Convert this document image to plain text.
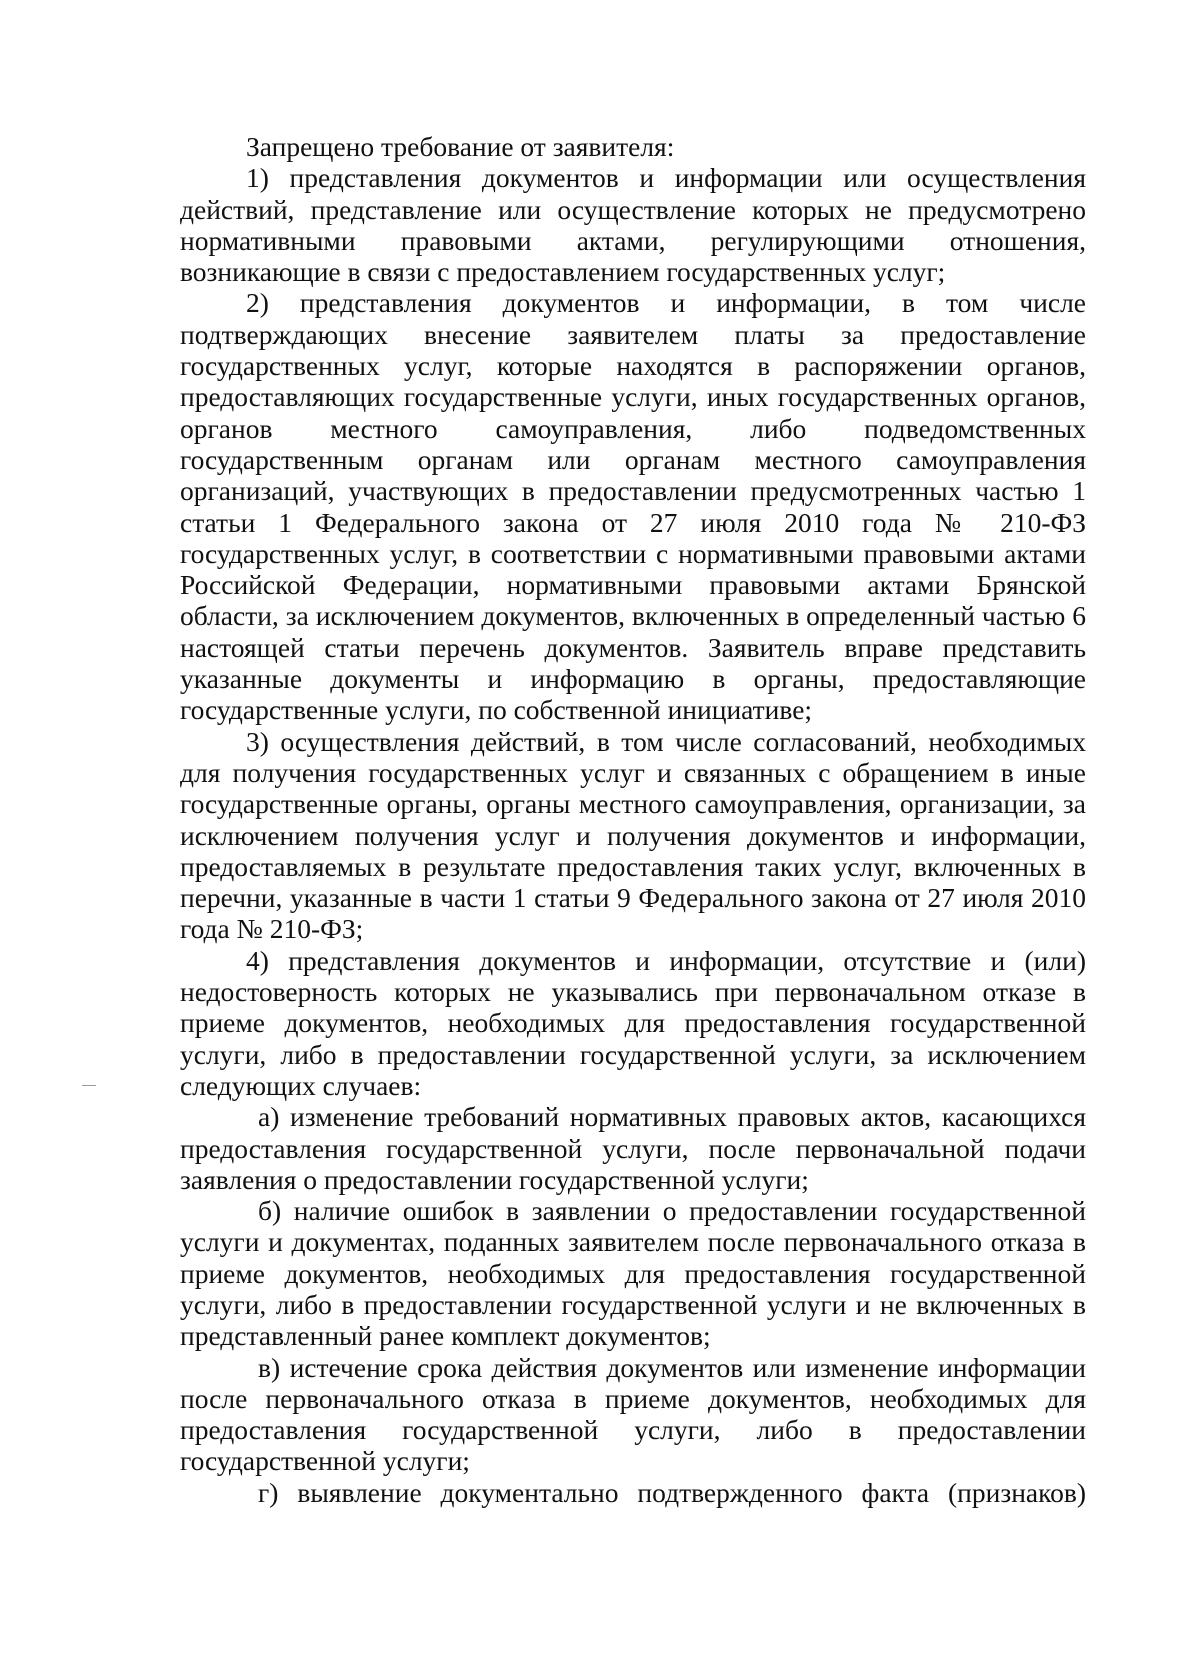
Запрещено требование от заявителя:

1) представления документов и информации или осуществления действий, представление или осуществление которых не предусмотрено нормативными правовыми актами, регулирующими отношения, возникающие в связи с предоставлением государственных услуг;

2) представления документов и информации, в том числе подтверждающих внесение заявителем платы за предоставление государственных услуг, которые находятся в распоряжении органов, предоставляющих государственные услуги, иных государственных органов, органов местного самоуправления, либо подведомственных государственным органам или органам местного самоуправления организаций, участвующих в предоставлении предусмотренных частью 1 статьи 1 Федерального закона от 27 июля 2010 года № 210-ФЗ государственных услуг, в соответствии с нормативными правовыми актами Российской Федерации, нормативными правовыми актами Брянской области, за исключением документов, включенных в определенный частью 6 настоящей статьи перечень документов. Заявитель вправе представить указанные документы и информацию в органы, предоставляющие государственные услуги, по собственной инициативе;

3) осуществления действий, в том числе согласований, необходимых для получения государственных услуг и связанных с обращением в иные государственные органы, органы местного самоуправления, организации, за исключением получения услуг и получения документов и информации, предоставляемых в результате предоставления таких услуг, включенных в перечни, указанные в части 1 статьи 9 Федерального закона от 27 июля 2010 года № 210-ФЗ;

4) представления документов и информации, отсутствие и (или) недостоверность которых не указывались при первоначальном отказе в приеме документов, необходимых для предоставления государственной услуги, либо в предоставлении государственной услуги, за исключением следующих случаев:

а) изменение требований нормативных правовых актов, касающихся предоставления государственной услуги, после первоначальной подачи заявления о предоставлении государственной услуги;

б) наличие ошибок в заявлении о предоставлении государственной услуги и документах, поданных заявителем после первоначального отказа в приеме документов, необходимых для предоставления государственной услуги, либо в предоставлении государственной услуги и не включенных в представленный ранее комплект документов;

в) истечение срока действия документов или изменение информации после первоначального отказа в приеме документов, необходимых для предоставления государственной услуги, либо в предоставлении государственной услуги;

г) выявление документально подтвержденного факта (признаков)
